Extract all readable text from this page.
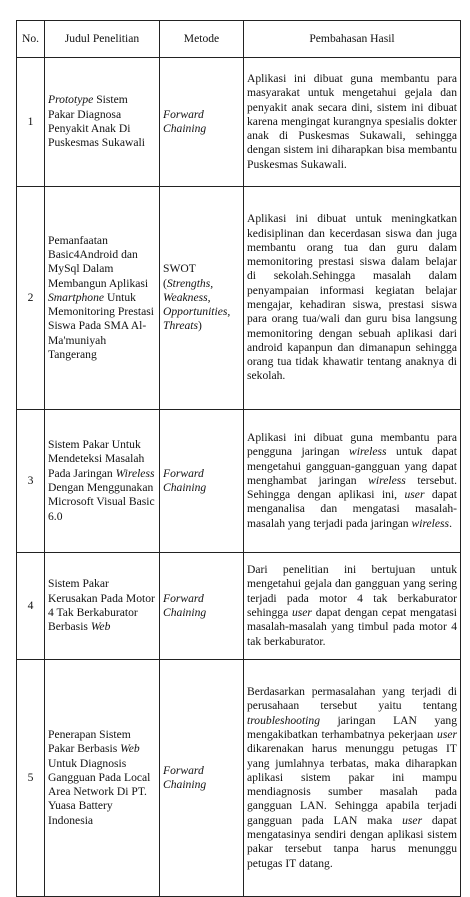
No.	Judul Penelitian	Metode	Pembahasan Hasil
1	Prototype Sistem Pakar Diagnosa Penyakit Anak Di Puskesmas Sukawali	Forward Chaining	Aplikasi ini dibuat guna membantu para masyarakat untuk mengetahui gejala dan penyakit anak secara dini, sistem ini dibuat karena mengingat kurangnya spesialis dokter anak di Puskesmas Sukawali, sehingga dengan sistem ini diharapkan bisa membantu Puskesmas Sukawali.
2	Pemanfaatan Basic4Android dan MySql Dalam Membangun Aplikasi Smartphone Untuk Memonitoring Prestasi Siswa Pada SMA Al-Ma'muniyah Tangerang	SWOT (Strengths, Weakness, Opportunities, Threats)	Aplikasi ini dibuat untuk meningkatkan kedisiplinan dan kecerdasan siswa dan juga membantu orang tua dan guru dalam memonitoring prestasi siswa dalam belajar di sekolah.Sehingga masalah dalam penyampaian informasi kegiatan belajar mengajar, kehadiran siswa, prestasi siswa para orang tua/wali dan guru bisa langsung memonitoring dengan sebuah aplikasi dari android kapanpun dan dimanapun sehingga orang tua tidak khawatir tentang anaknya di sekolah.
3	Sistem Pakar Untuk Mendeteksi Masalah Pada Jaringan Wireless Dengan Menggunakan Microsoft Visual Basic 6.0	Forward Chaining	Aplikasi ini dibuat guna membantu para pengguna jaringan wireless untuk dapat mengetahui gangguan-gangguan yang dapat menghambat jaringan wireless tersebut. Sehingga dengan aplikasi ini, user dapat menganalisa dan mengatasi masalah-masalah yang terjadi pada jaringan wireless.
4	Sistem Pakar Kerusakan Pada Motor 4 Tak Berkaburator Berbasis Web	Forward Chaining	Dari penelitian ini bertujuan untuk mengetahui gejala dan gangguan yang sering terjadi pada motor 4 tak berkaburator sehingga user dapat dengan cepat mengatasi masalah-masalah yang timbul pada motor 4 tak berkaburator.
5	Penerapan Sistem Pakar Berbasis Web Untuk Diagnosis Gangguan Pada Local Area Network Di PT. Yuasa Battery Indonesia	Forward Chaining	Berdasarkan permasalahan yang terjadi di perusahaan tersebut yaitu tentang troubleshooting jaringan LAN yang mengakibatkan terhambatnya pekerjaan user dikarenakan harus menunggu petugas IT yang jumlahnya terbatas, maka diharapkan aplikasi sistem pakar ini mampu mendiagnosis sumber masalah pada gangguan LAN. Sehingga apabila terjadi gangguan pada LAN maka user dapat mengatasinya sendiri dengan aplikasi sistem pakar tersebut tanpa harus menunggu petugas IT datang.
